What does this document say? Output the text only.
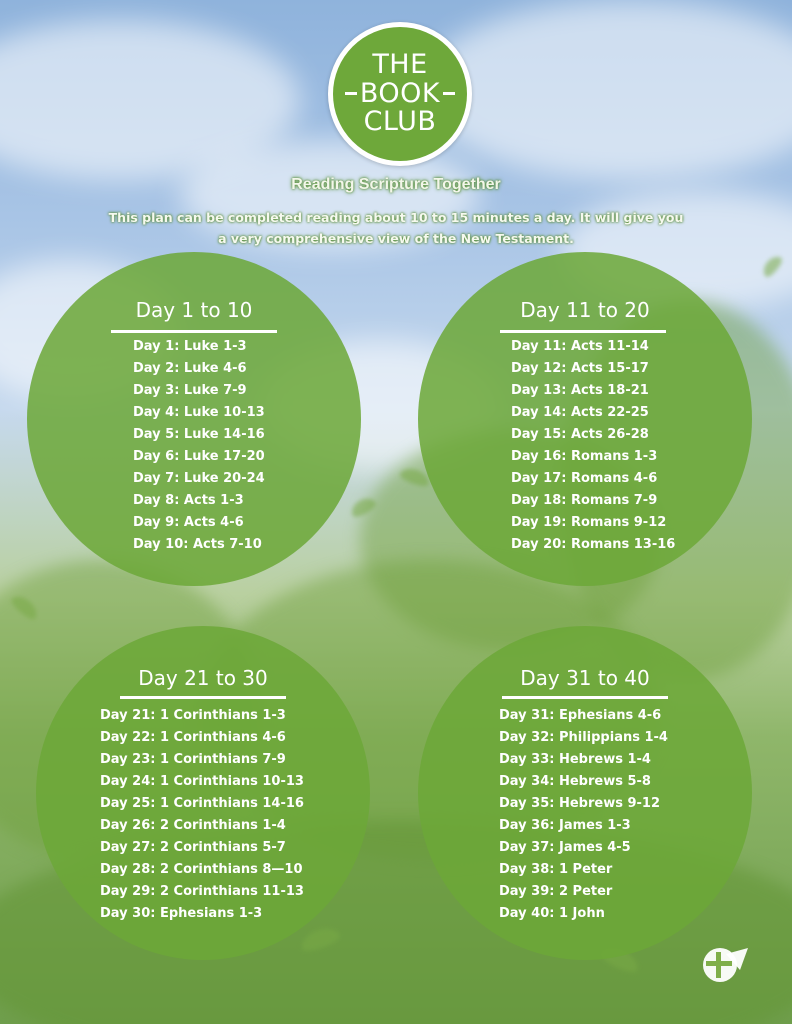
THE
BOOK
CLUB
Reading Scripture Together
This plan can be completed reading about 10 to 15 minutes a day. It will give you
a very comprehensive view of the New Testament.
Day 1 to 10
Day 1: Luke 1-3
Day 2: Luke 4-6
Day 3: Luke 7-9
Day 4: Luke 10-13
Day 5: Luke 14-16
Day 6: Luke 17-20
Day 7: Luke 20-24
Day 8: Acts 1-3
Day 9: Acts 4-6
Day 10: Acts 7-10
Day 11 to 20
Day 11: Acts 11-14
Day 12: Acts 15-17
Day 13: Acts 18-21
Day 14: Acts 22-25
Day 15: Acts 26-28
Day 16: Romans 1-3
Day 17: Romans 4-6
Day 18: Romans 7-9
Day 19: Romans 9-12
Day 20: Romans 13-16
Day 21 to 30
Day 21: 1 Corinthians 1-3
Day 22: 1 Corinthians 4-6
Day 23: 1 Corinthians 7-9
Day 24: 1 Corinthians 10-13
Day 25: 1 Corinthians 14-16
Day 26: 2 Corinthians 1-4
Day 27: 2 Corinthians 5-7
Day 28: 2 Corinthians 8—10
Day 29: 2 Corinthians 11-13
Day 30: Ephesians 1-3
Day 31 to 40
Day 31: Ephesians 4-6
Day 32: Philippians 1-4
Day 33: Hebrews 1-4
Day 34: Hebrews 5-8
Day 35: Hebrews 9-12
Day 36: James 1-3
Day 37: James 4-5
Day 38: 1 Peter
Day 39: 2 Peter
Day 40: 1 John
